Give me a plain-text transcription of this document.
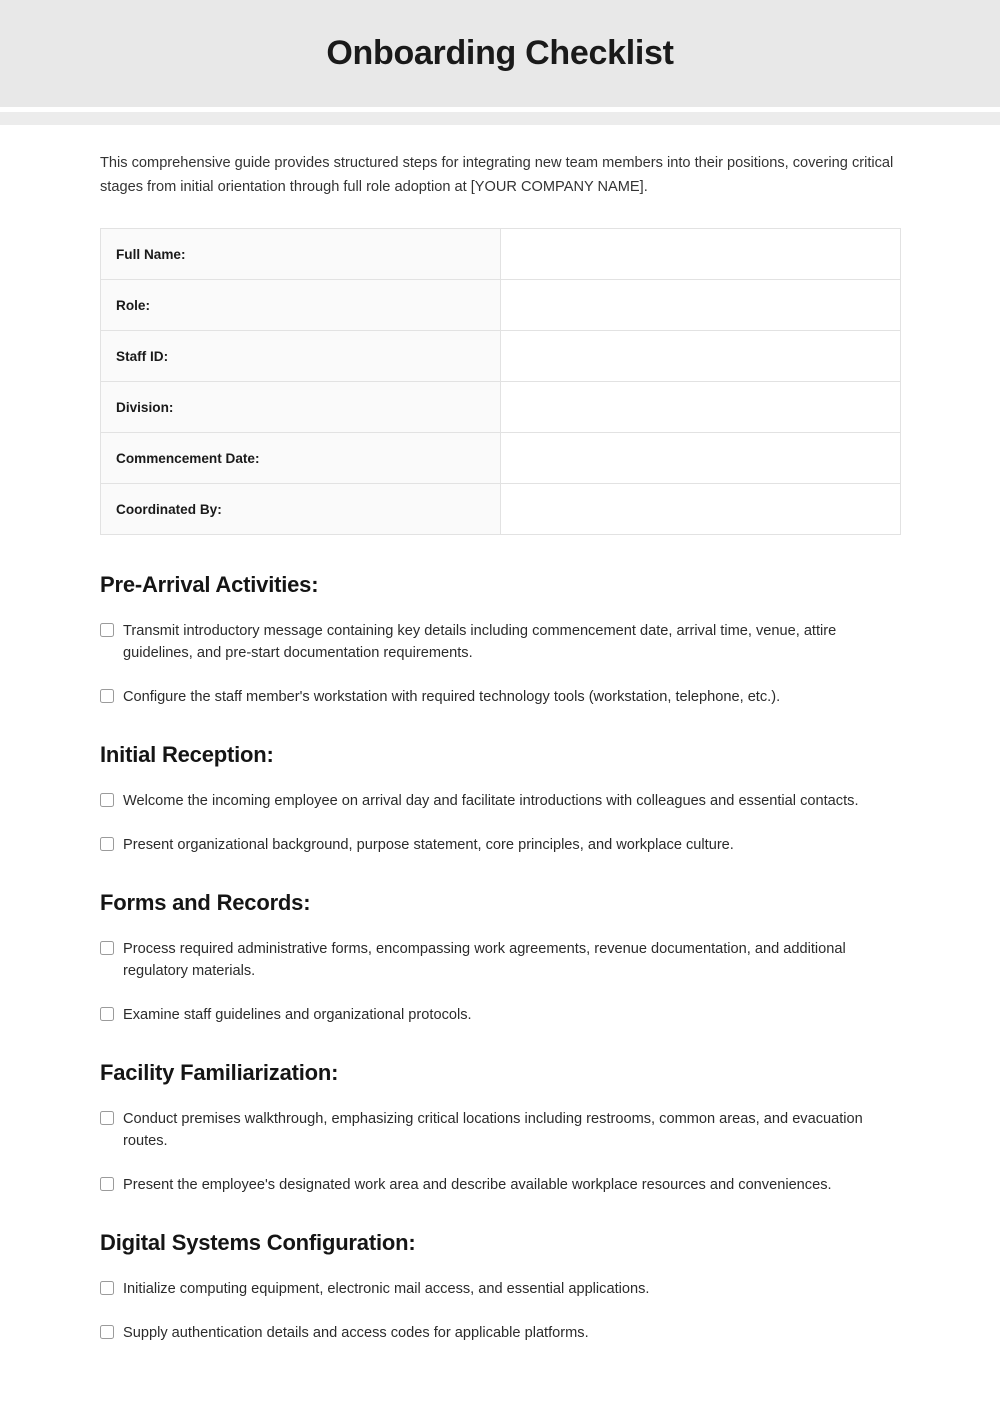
Onboarding Checklist

This comprehensive guide provides structured steps for integrating new team members into their positions, covering critical stages from initial orientation through full role adoption at [YOUR COMPANY NAME].

Full Name:	
Role:	
Staff ID:	
Division:	
Commencement Date:	
Coordinated By:	
Pre-Arrival Activities:
Transmit introductory message containing key details including commencement date, arrival time, venue, attire guidelines, and pre-start documentation requirements.
Configure the staff member's workstation with required technology tools (workstation, telephone, etc.).
Initial Reception:
Welcome the incoming employee on arrival day and facilitate introductions with colleagues and essential contacts.
Present organizational background, purpose statement, core principles, and workplace culture.
Forms and Records:
Process required administrative forms, encompassing work agreements, revenue documentation, and additional regulatory materials.
Examine staff guidelines and organizational protocols.
Facility Familiarization:
Conduct premises walkthrough, emphasizing critical locations including restrooms, common areas, and evacuation routes.
Present the employee's designated work area and describe available workplace resources and conveniences.
Digital Systems Configuration:
Initialize computing equipment, electronic mail access, and essential applications.
Supply authentication details and access codes for applicable platforms.
